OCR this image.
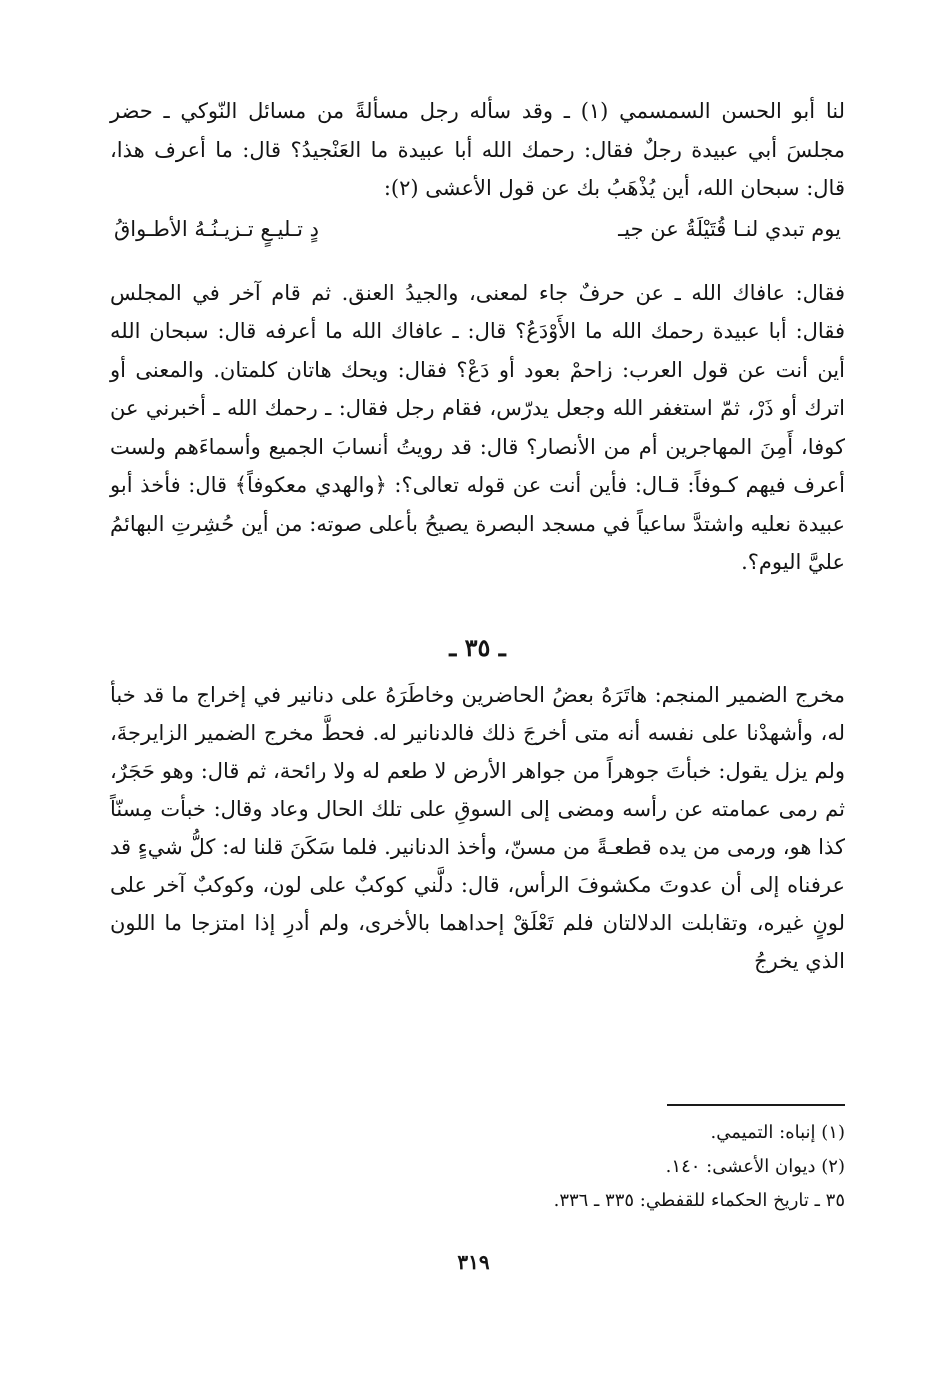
لنا أبو الحسن السمسمي (١) ـ وقد سأله رجل مسألةً من مسائل النّوكي ـ حضر مجلسَ أبي عبيدة رجلٌ فقال: رحمك الله أبا عبيدة ما العَنْجيدُ؟ قال: ما أعرف هذا، قال: سبحان الله، أين يُذْهَبُ بك عن قول الأعشى (٢):

يوم تبدي لنـا قُتَيْلَةُ عن جيـ
دٍ تـليـعٍ تـزيـنُـهُ الأطـواقُ

فقال: عافاك الله ـ عن حرفٌ جاء لمعنى، والجيدُ العنق. ثم قام آخر في المجلس فقال: أبا عبيدة رحمك الله ما الأَوْدَعُ؟ قال: ـ عافاك الله ما أعرفه قال: سبحان الله أين أنت عن قول العرب: زاحمْ بعود أو دَعْ؟ فقال: ويحك هاتان كلمتان. والمعنى أو اترك أو ذَرْ، ثمّ استغفر الله وجعل يدرّس، فقام رجل فقال: ـ رحمك الله ـ أخبرني عن كوفا، أَمِنَ المهاجرين أم من الأنصار؟ قال: قد رويتُ أنسابَ الجميع وأسماءَهم ولست أعرف فيهم كـوفاً: قـال: فأين أنت عن قوله تعالى؟: ﴿والهدي معكوفاً﴾ قال: فأخذ أبو عبيدة نعليه واشتدَّ ساعياً في مسجد البصرة يصيحُ بأعلى صوته: من أين حُشِرتِ البهائمُ عليَّ اليوم؟.

ـ ٣٥ ـ

مخرج الضمير المنجم: هاتَرَهُ بعضُ الحاضرين وخاطَرَهُ على دنانير في إخراج ما قد خبأ له، وأشهدْنا على نفسه أنه متى أخرجَ ذلك فالدنانير له. فحطَّ مخرج الضمير الزايرجةَ، ولم يزل يقول: خبأتَ جوهراً من جواهر الأرض لا طعم له ولا رائحة، ثم قال: وهو حَجَرٌ، ثم رمى عمامته عن رأسه ومضى إلى السوقِ على تلك الحال وعاد وقال: خبأت مِسنّاً كذا هو، ورمى من يده قطعـةً من مسنّ، وأخذ الدنانير. فلما سَكَنَ قلنا له: كلُّ شيءٍ قد عرفناه إلى أن عدوتَ مكشوفَ الرأس، قال: دلَّني كوكبٌ على لون، وكوكبٌ آخر على لونٍ غيره، وتقابلت الدلالتان فلم تَعْلَقْ إحداهما بالأخرى، ولم أدرِ إذا امتزجا ما اللون الذي يخرجُ

(١) إنباه: التميمي.
(٢) ديوان الأعشى: ١٤٠.
٣٥ ـ تاريخ الحكماء للقفطي: ٣٣٥ ـ ٣٣٦.
٣١٩
